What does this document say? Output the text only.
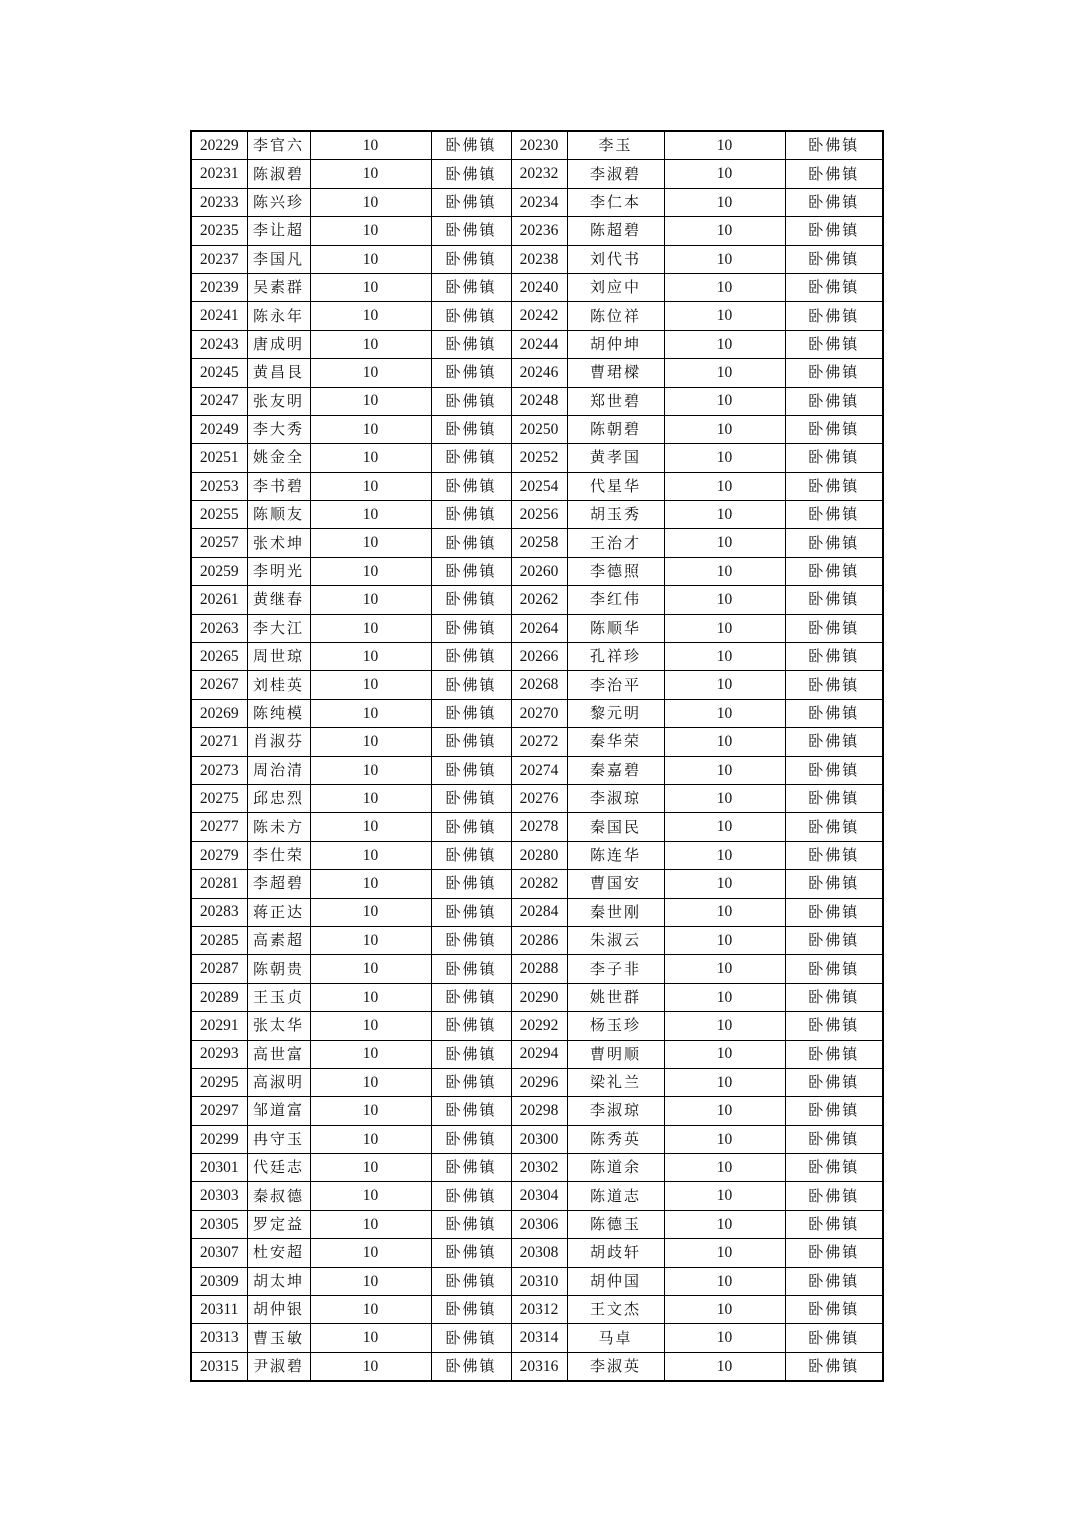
20229	李官六	10	卧佛镇	20230	李玉	10	卧佛镇
20231	陈淑碧	10	卧佛镇	20232	李淑碧	10	卧佛镇
20233	陈兴珍	10	卧佛镇	20234	李仁本	10	卧佛镇
20235	李让超	10	卧佛镇	20236	陈超碧	10	卧佛镇
20237	李国凡	10	卧佛镇	20238	刘代书	10	卧佛镇
20239	吴素群	10	卧佛镇	20240	刘应中	10	卧佛镇
20241	陈永年	10	卧佛镇	20242	陈位祥	10	卧佛镇
20243	唐成明	10	卧佛镇	20244	胡仲坤	10	卧佛镇
20245	黄昌艮	10	卧佛镇	20246	曹珺樑	10	卧佛镇
20247	张友明	10	卧佛镇	20248	郑世碧	10	卧佛镇
20249	李大秀	10	卧佛镇	20250	陈朝碧	10	卧佛镇
20251	姚金全	10	卧佛镇	20252	黄孝国	10	卧佛镇
20253	李书碧	10	卧佛镇	20254	代星华	10	卧佛镇
20255	陈顺友	10	卧佛镇	20256	胡玉秀	10	卧佛镇
20257	张术坤	10	卧佛镇	20258	王治才	10	卧佛镇
20259	李明光	10	卧佛镇	20260	李德照	10	卧佛镇
20261	黄继春	10	卧佛镇	20262	李红伟	10	卧佛镇
20263	李大江	10	卧佛镇	20264	陈顺华	10	卧佛镇
20265	周世琼	10	卧佛镇	20266	孔祥珍	10	卧佛镇
20267	刘桂英	10	卧佛镇	20268	李治平	10	卧佛镇
20269	陈纯模	10	卧佛镇	20270	黎元明	10	卧佛镇
20271	肖淑芬	10	卧佛镇	20272	秦华荣	10	卧佛镇
20273	周治清	10	卧佛镇	20274	秦嘉碧	10	卧佛镇
20275	邱忠烈	10	卧佛镇	20276	李淑琼	10	卧佛镇
20277	陈未方	10	卧佛镇	20278	秦国民	10	卧佛镇
20279	李仕荣	10	卧佛镇	20280	陈连华	10	卧佛镇
20281	李超碧	10	卧佛镇	20282	曹国安	10	卧佛镇
20283	蒋正达	10	卧佛镇	20284	秦世刚	10	卧佛镇
20285	高素超	10	卧佛镇	20286	朱淑云	10	卧佛镇
20287	陈朝贵	10	卧佛镇	20288	李子非	10	卧佛镇
20289	王玉贞	10	卧佛镇	20290	姚世群	10	卧佛镇
20291	张太华	10	卧佛镇	20292	杨玉珍	10	卧佛镇
20293	高世富	10	卧佛镇	20294	曹明顺	10	卧佛镇
20295	高淑明	10	卧佛镇	20296	梁礼兰	10	卧佛镇
20297	邹道富	10	卧佛镇	20298	李淑琼	10	卧佛镇
20299	冉守玉	10	卧佛镇	20300	陈秀英	10	卧佛镇
20301	代廷志	10	卧佛镇	20302	陈道余	10	卧佛镇
20303	秦叔德	10	卧佛镇	20304	陈道志	10	卧佛镇
20305	罗定益	10	卧佛镇	20306	陈德玉	10	卧佛镇
20307	杜安超	10	卧佛镇	20308	胡歧轩	10	卧佛镇
20309	胡太坤	10	卧佛镇	20310	胡仲国	10	卧佛镇
20311	胡仲银	10	卧佛镇	20312	王文杰	10	卧佛镇
20313	曹玉敏	10	卧佛镇	20314	马卓	10	卧佛镇
20315	尹淑碧	10	卧佛镇	20316	李淑英	10	卧佛镇
